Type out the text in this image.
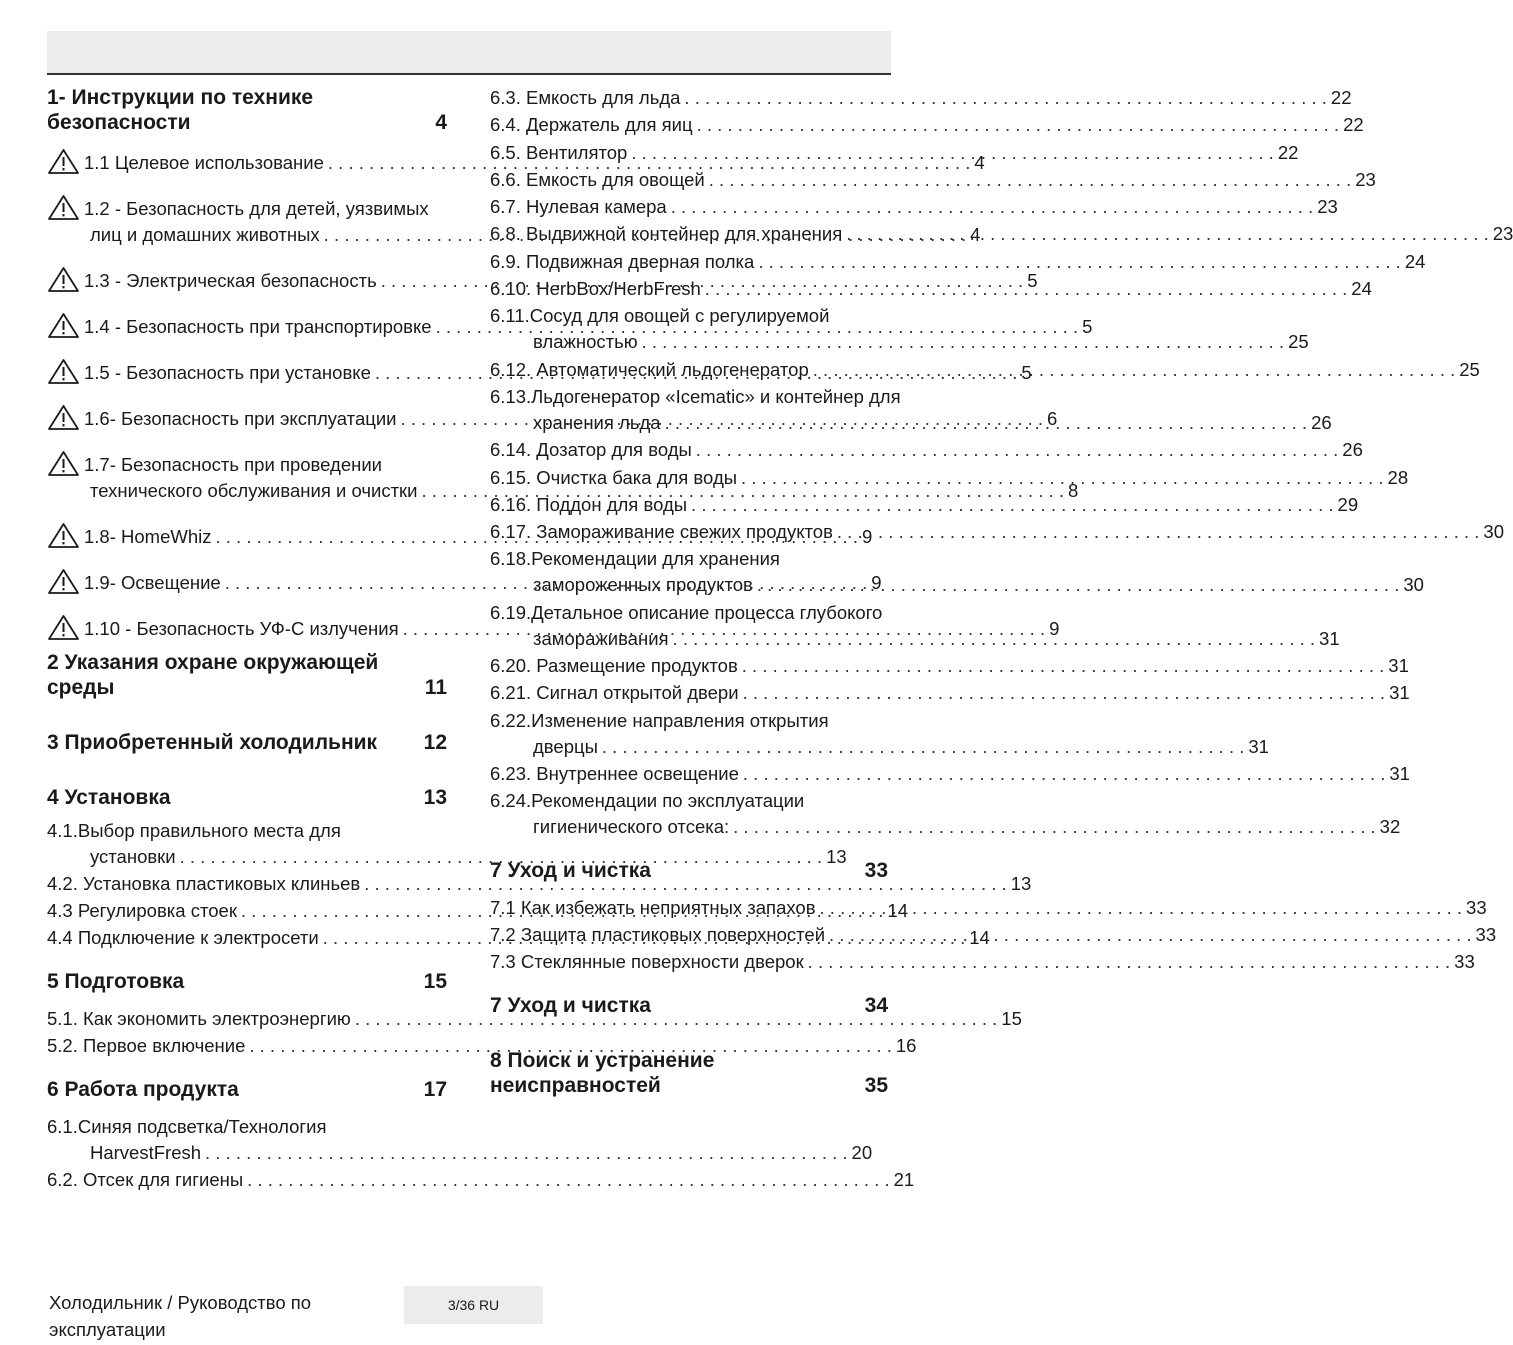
1- Инструкции по технике безопасности	4
1.1 Целевое использование . . .	4
1.2 - Безопасность для детей, уязвимых
лиц и домашних животных . . .	4
1.3 - Электрическая безопасность . . .	5
1.4 - Безопасность при транспортировке . . .	5
1.5 - Безопасность при установке . . .	5
1.6- Безопасность при эксплуатации . . .	6
1.7- Безопасность при проведении
технического обслуживания и очистки . . .	8
1.8- HomeWhiz . . .	9
1.9- Освещение . . .	9
1.10 - Безопасность УФ-С излучения . . .	9
2 Указания охране окружающей среды	11
3 Приобретенный холодильник	12
4 Установка	13
4.1. Выбор правильного места для
установки . . .	13
4.2. Установка пластиковых клиньев . . .	13
4.3 Регулировка стоек . . .	14
4.4 Подключение к электросети . . .	14
5 Подготовка	15
5.1. Как экономить электроэнергию . . .	15
5.2. Первое включение . . .	16
6 Работа продукта	17
6.1. Синяя подсветка/Технология
HarvestFresh . . .	20
6.2. Отсек для гигиены . . .	21
6.3. Емкость для льда . . .	22
6.4. Держатель для яиц . . .	22
6.5. Вентилятор . . .	22
6.6. Емкость для овощей . . .	23
6.7. Нулевая камера . . .	23
6.8. Выдвижной контейнер для хранения . . .	23
6.9. Подвижная дверная полка . . .	24
6.10. HerbBox/HerbFresh . . .	24
6.11. Сосуд для овощей с регулируемой
влажностью . . .	25
6.12. Автоматический льдогенератор . . .	25
6.13. Льдогенератор «Icematic» и контейнер для
хранения льда . . .	26
6.14. Дозатор для воды . . .	26
6.15. Очистка бака для воды . . .	28
6.16. Поддон для воды . . .	29
6.17. Замораживание свежих продуктов . . .	30
6.18. Рекомендации для хранения
замороженных продуктов . . .	30
6.19. Детальное описание процесса глубокого
замораживания . . .	31
6.20. Размещение продуктов . . .	31
6.21. Сигнал открытой двери . . .	31
6.22. Изменение направления открытия
дверцы . . .	31
6.23. Внутреннее освещение . . .	31
6.24. Рекомендации по эксплуатации
гигиенического отсека: . . .	32
7 Уход и чистка	33
7.1 Как избежать неприятных запахов . . .	33
7.2 Защита пластиковых поверхностей . . .	33
7.3 Стеклянные поверхности дверок . . .	33
7 Уход и чистка	34
8 Поиск и устранение неисправностей	35
Холодильник / Руководство по эксплуатации
3/36 RU
